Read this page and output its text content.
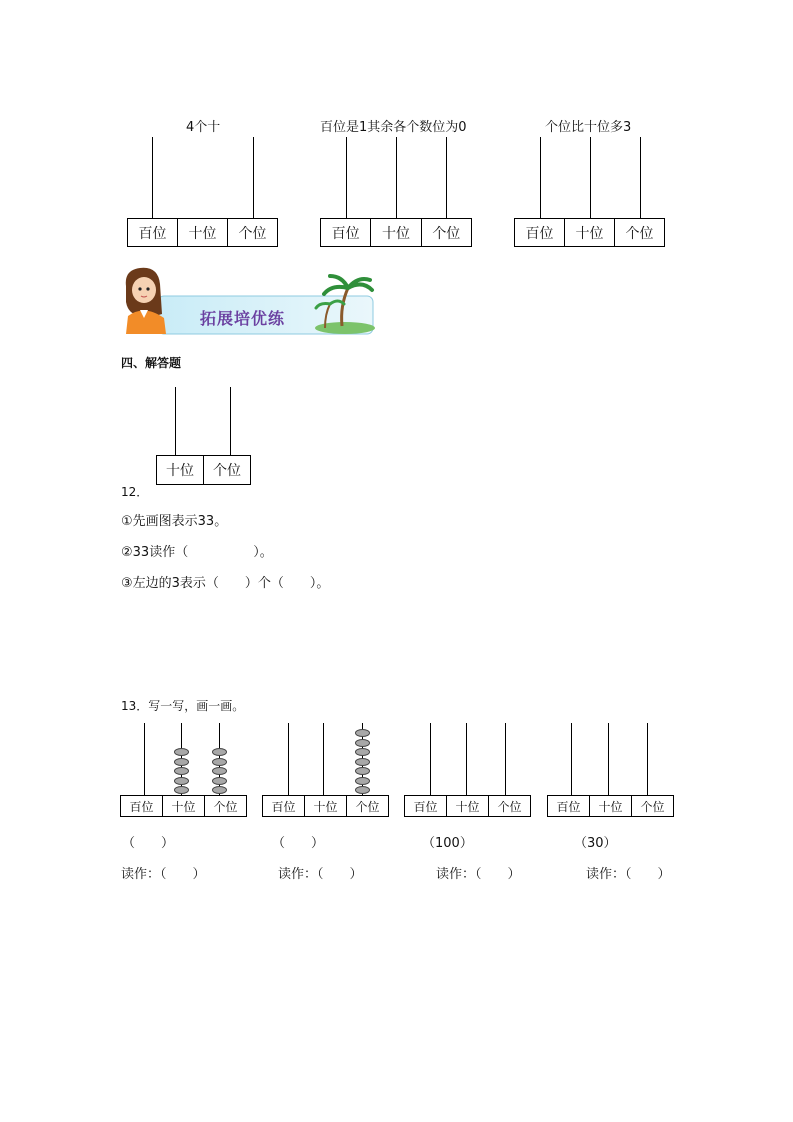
4个十
百位	十位	个位
百位是1其余各个数位为0
百位	十位	个位
个位比十位多3
百位	十位	个位
拓展培优练
四、解答题
十位	个位
12．
①先画图表示33。
②33读作（　　　　　）。
③左边的3表示（　　）个（　　）。
13．写一写，画一画。
百位	十位	个位
（　　）
读作：（　　）
百位	十位	个位
（　　）
读作：（　　）
百位	十位	个位
（100）
读作：（　　）
百位	十位	个位
（30）
读作：（　　）
